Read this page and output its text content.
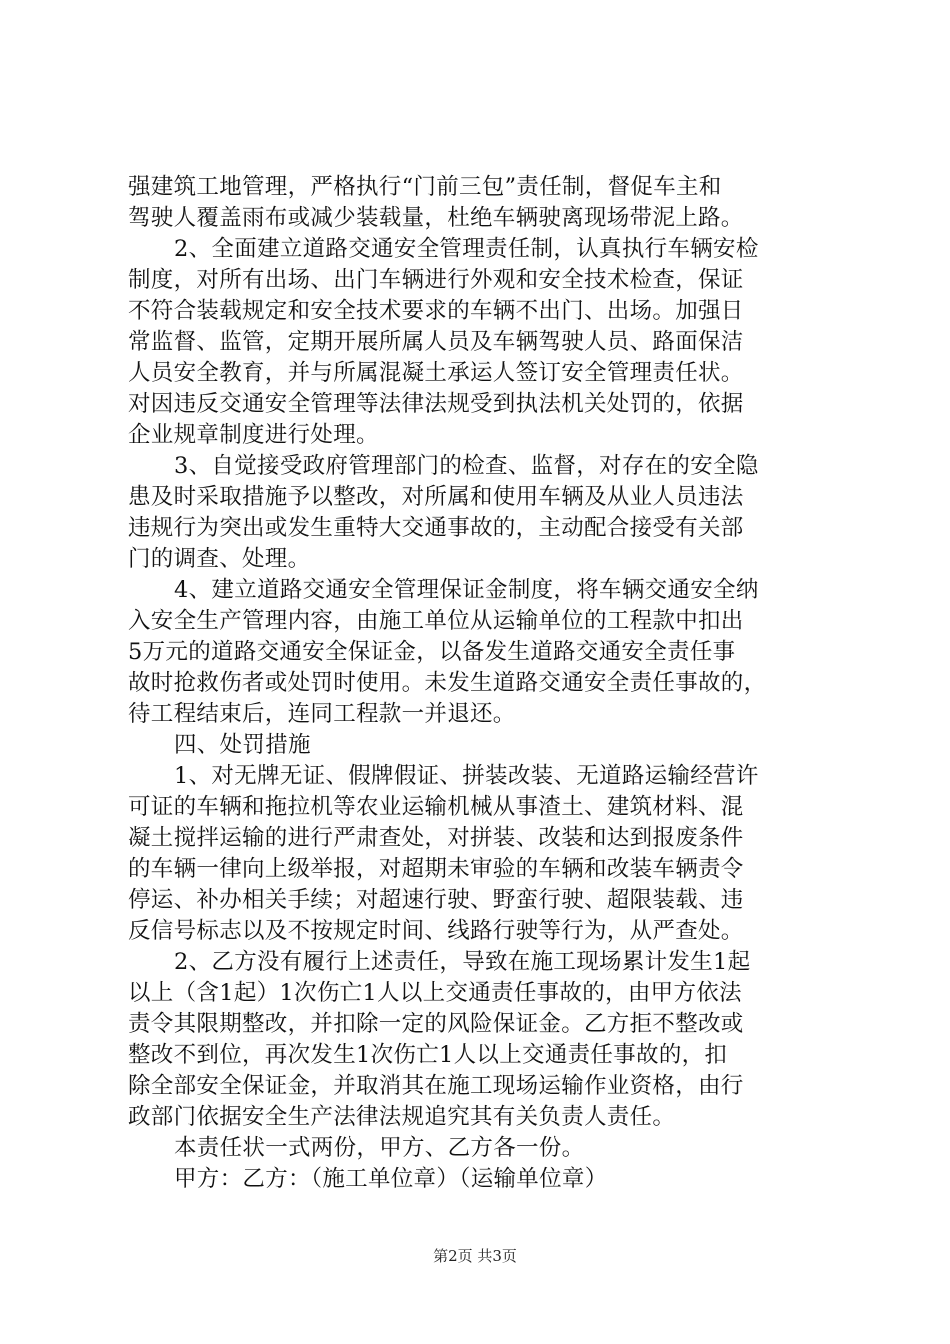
强建筑工地管理，严格执行“门前三包”责任制，督促车主和
驾驶人覆盖雨布或减少装载量，杜绝车辆驶离现场带泥上路。
2、全面建立道路交通安全管理责任制，认真执行车辆安检
制度，对所有出场、出门车辆进行外观和安全技术检查，保证
不符合装载规定和安全技术要求的车辆不出门、出场。加强日
常监督、监管，定期开展所属人员及车辆驾驶人员、路面保洁
人员安全教育，并与所属混凝土承运人签订安全管理责任状。
对因违反交通安全管理等法律法规受到执法机关处罚的，依据
企业规章制度进行处理。
3、自觉接受政府管理部门的检查、监督，对存在的安全隐
患及时采取措施予以整改，对所属和使用车辆及从业人员违法
违规行为突出或发生重特大交通事故的，主动配合接受有关部
门的调查、处理。
4、建立道路交通安全管理保证金制度，将车辆交通安全纳
入安全生产管理内容，由施工单位从运输单位的工程款中扣出
5万元的道路交通安全保证金，以备发生道路交通安全责任事
故时抢救伤者或处罚时使用。未发生道路交通安全责任事故的，
待工程结束后，连同工程款一并退还。
四、处罚措施
1、对无牌无证、假牌假证、拼装改装、无道路运输经营许
可证的车辆和拖拉机等农业运输机械从事渣土、建筑材料、混
凝土搅拌运输的进行严肃查处，对拼装、改装和达到报废条件
的车辆一律向上级举报，对超期未审验的车辆和改装车辆责令
停运、补办相关手续；对超速行驶、野蛮行驶、超限装载、违
反信号标志以及不按规定时间、线路行驶等行为，从严查处。
2、乙方没有履行上述责任，导致在施工现场累计发生1起
以上（含1起）1次伤亡1人以上交通责任事故的，由甲方依法
责令其限期整改，并扣除一定的风险保证金。乙方拒不整改或
整改不到位，再次发生1次伤亡1人以上交通责任事故的，扣
除全部安全保证金，并取消其在施工现场运输作业资格，由行
政部门依据安全生产法律法规追究其有关负责人责任。
本责任状一式两份，甲方、乙方各一份。
甲方：乙方：（施工单位章）（运输单位章）
第2页 共3页
